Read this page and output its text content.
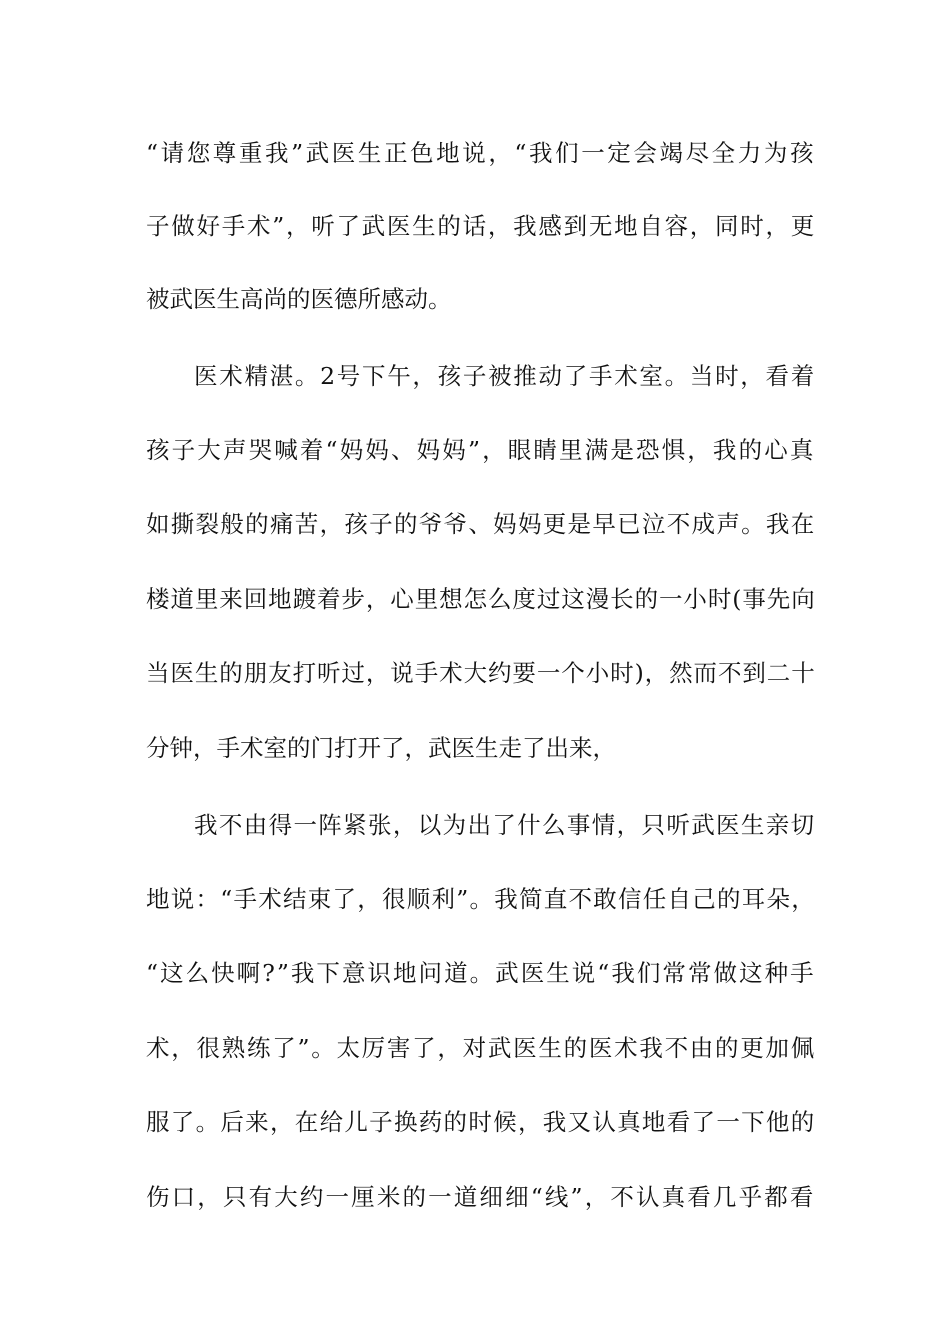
“请您尊重我”武医生正色地说，“我们一定会竭尽全力为孩
子做好手术”，听了武医生的话，我感到无地自容，同时，更
被武医生高尚的医德所感动。
医术精湛。2号下午，孩子被推动了手术室。当时，看着
孩子大声哭喊着“妈妈、妈妈”，眼睛里满是恐惧，我的心真
如撕裂般的痛苦，孩子的爷爷、妈妈更是早已泣不成声。我在
楼道里来回地踱着步，心里想怎么度过这漫长的一小时(事先向
当医生的朋友打听过，说手术大约要一个小时)，然而不到二十
分钟，手术室的门打开了，武医生走了出来，
我不由得一阵紧张，以为出了什么事情，只听武医生亲切
地说：“手术结束了，很顺利”。我简直不敢信任自己的耳朵，
“这么快啊?”我下意识地问道。武医生说“我们常常做这种手
术，很熟练了”。太厉害了，对武医生的医术我不由的更加佩
服了。后来，在给儿子换药的时候，我又认真地看了一下他的
伤口，只有大约一厘米的一道细细“线”，不认真看几乎都看
